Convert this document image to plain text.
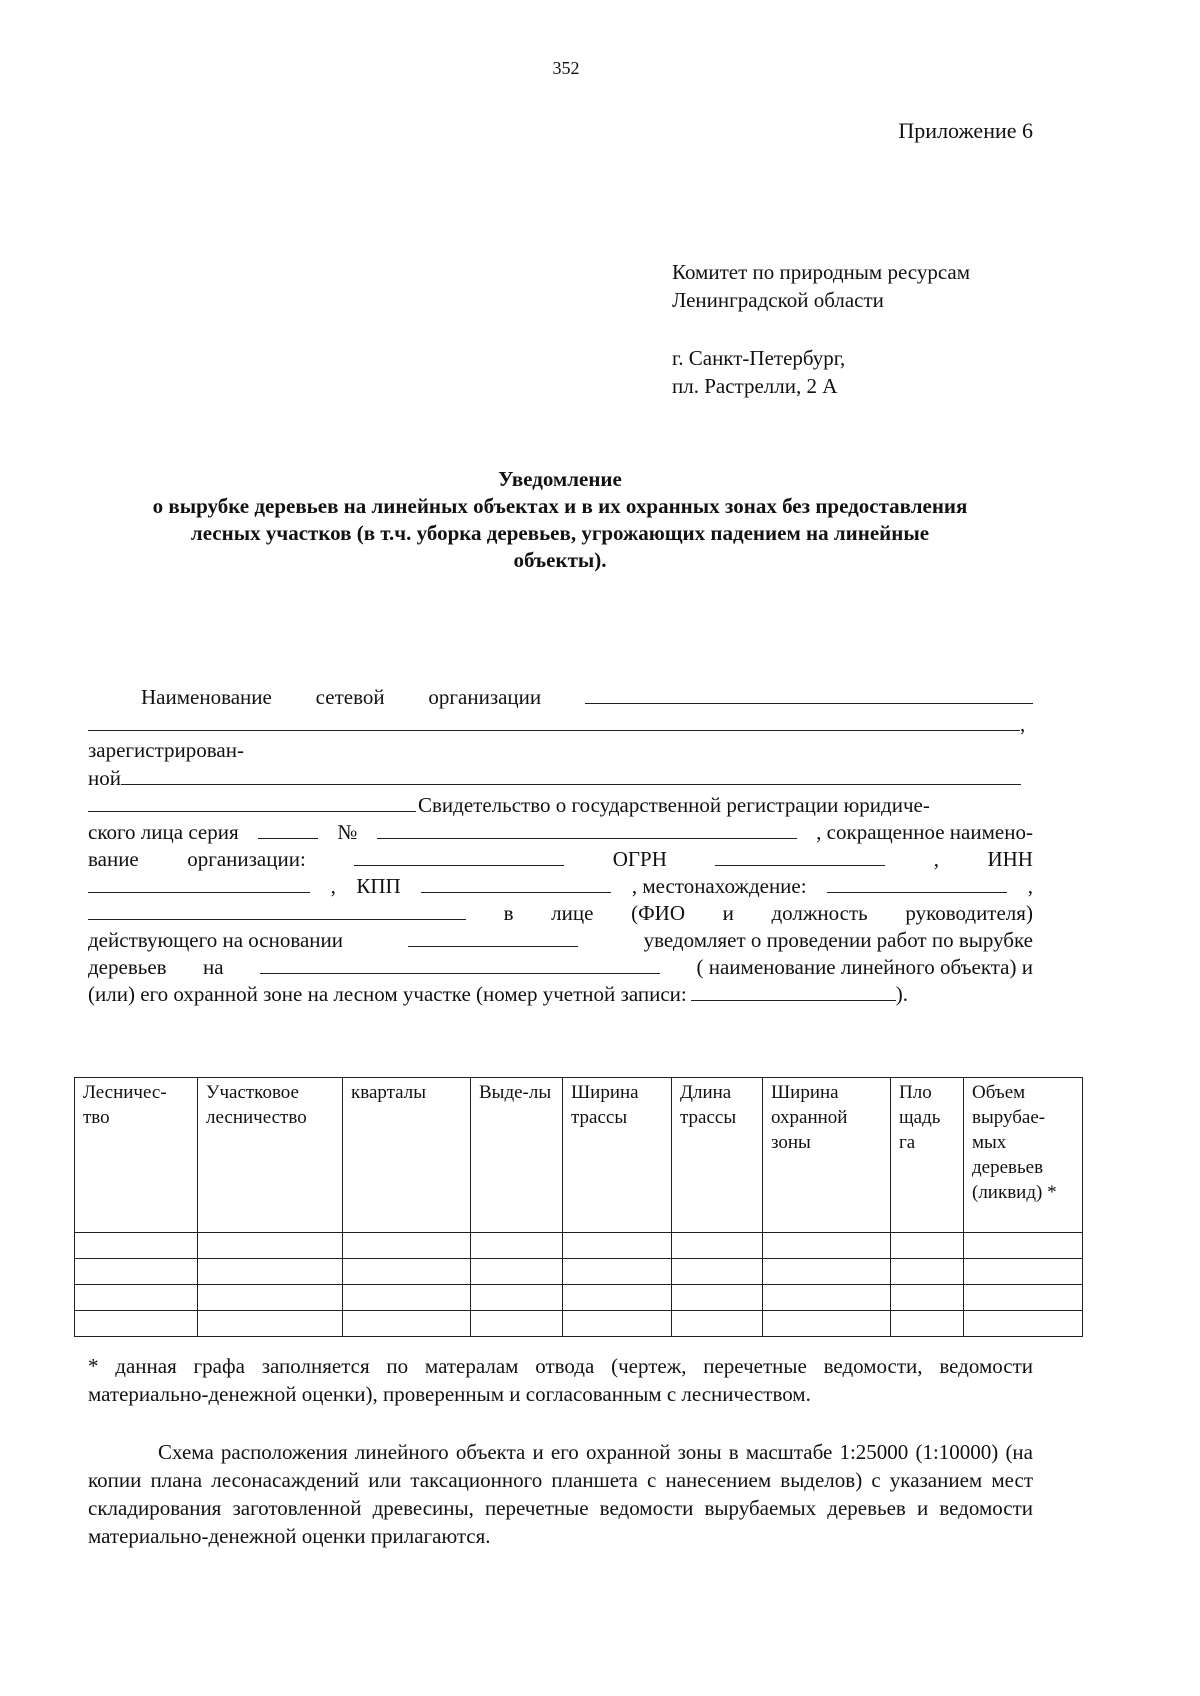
352
Приложение 6
Комитет по природным ресурсам
Ленинградской области
г. Санкт-Петербург,
пл. Растрелли, 2 А
Уведомление
о вырубке деревьев на линейных объектах и в их охранных зонах без предоставления
лесных участков (в т.ч. уборка деревьев, угрожающих падением на линейные
объекты).
Наименование сетевой организации
,
зарегистрирован-
ной
Свидетельство о государственной регистрации юридиче-
ского лица серия	№	, сокращенное наимено-
вание организации:	ОГРН	, ИНН
, КПП	, местонахождение:	,
в лице (ФИО и должность руководителя)
действующего на основании	уведомляет о проведении работ по вырубке
деревьев на	( наименование линейного объекта) и
(или) его охранной зоне на лесном участке (номер учетной записи:	).
Лесничес-тво	Участковое лесничество	кварталы	Выде-лы	Ширина трассы	Длина трассы	Ширина охранной зоны	Пло щадь га	Объем вырубае-мых деревьев (ликвид) *

* данная графа заполняется по матералам отвода (чертеж, перечетные ведомости, ведомости материально-денежной оценки), проверенным и согласованным с лесничеством.
Схема расположения линейного объекта и его охранной зоны в масштабе 1:25000 (1:10000) (на копии плана лесонасаждений или таксационного планшета с нанесением выделов) с указанием мест складирования заготовленной древесины, перечетные ведомости вырубаемых деревьев и ведомости материально-денежной оценки прилагаются.
